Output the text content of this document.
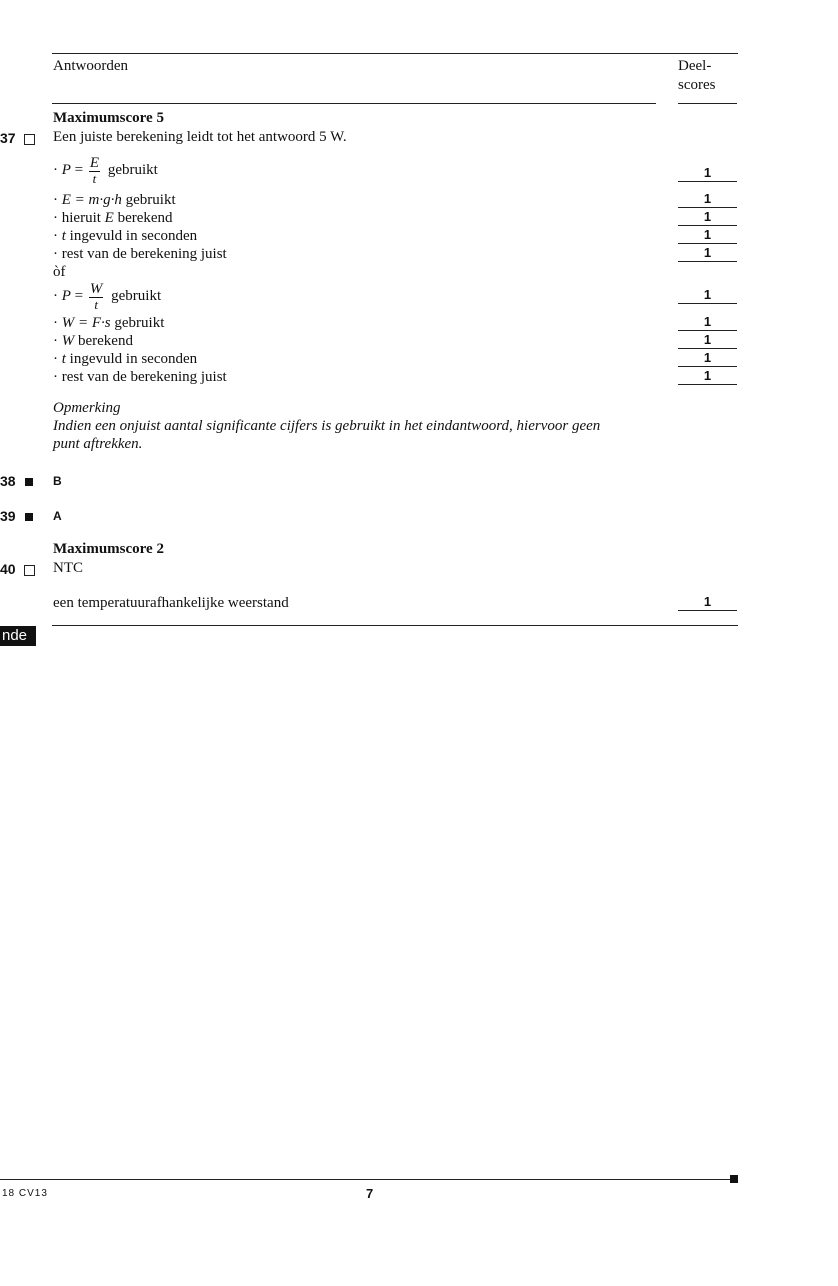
Antwoorden	Deel-
scores
Maximumscore 5
37	Een juiste berekening leidt tot het antwoord 5 W.
· $P = \frac{E}{t}$ gebruikt	1
· E = m·g·h gebruikt	1
· hieruit E berekend	1
· t ingevuld in seconden	1
· rest van de berekening juist	1
òf
· $P = \frac{W}{t}$ gebruikt	1
· W = F·s gebruikt	1
· W berekend	1
· t ingevuld in seconden	1
· rest van de berekening juist	1
Opmerking
Indien een onjuist aantal significante cijfers is gebruikt in het eindantwoord, hiervoor geen
punt aftrekken.
38	B
39	A
Maximumscore 2
40	NTC
een temperatuurafhankelijke weerstand	1
nde
18 CV13	7
